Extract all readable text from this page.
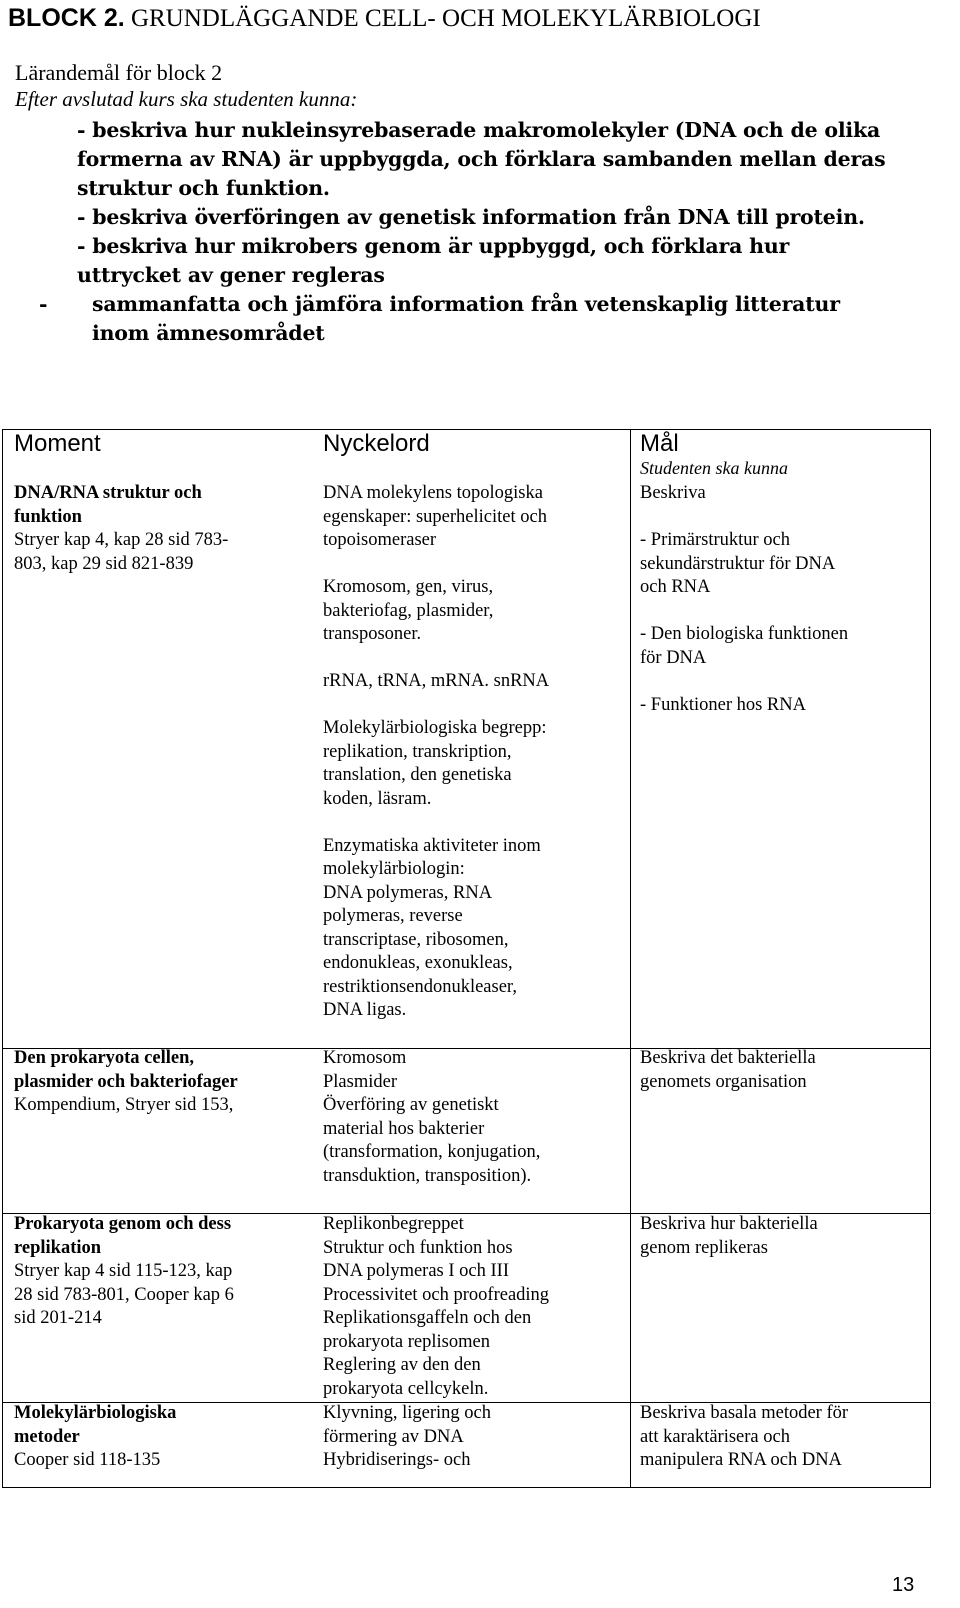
BLOCK 2. GRUNDLÄGGANDE CELL- OCH MOLEKYLÄRBIOLOGI
Lärandemål för block 2
Efter avslutad kurs ska studenten kunna:
- beskriva hur nukleinsyrebaserade makromolekyler (DNA och de olika
formerna av RNA) är uppbyggda, och förklara sambanden mellan deras
struktur och funktion.
- beskriva överföringen av genetisk information från DNA till protein.
- beskriva hur mikrobers genom är uppbyggd, och förklara hur
uttrycket av gener regleras
- sammanfatta och jämföra information från vetenskaplig litteratur
inom ämnesområdet
Moment	Nyckelord	Mål
Studenten ska kunna
DNA/RNA struktur och
funktion
Stryer kap 4, kap 28 sid 783-
803, kap 29 sid 821-839
DNA molekylens topologiska
egenskaper: superhelicitet och
topoisomeraser
Kromosom, gen, virus,
bakteriofag, plasmider,
transposoner.
rRNA, tRNA, mRNA. snRNA
Molekylärbiologiska begrepp:
replikation, transkription,
translation, den genetiska
koden, läsram.
Enzymatiska aktiviteter inom
molekylärbiologin:
DNA polymeras, RNA
polymeras, reverse
transcriptase, ribosomen,
endonukleas, exonukleas,
restriktionsendonukleaser,
DNA ligas.
Beskriva
- Primärstruktur och
sekundärstruktur för DNA
och RNA
- Den biologiska funktionen
för DNA
- Funktioner hos RNA
Den prokaryota cellen,
plasmider och bakteriofager
Kompendium, Stryer sid 153,
Kromosom
Plasmider
Överföring av genetiskt
material hos bakterier
(transformation, konjugation,
transduktion, transposition).
Beskriva det bakteriella
genomets organisation
Prokaryota genom och dess
replikation
Stryer kap 4 sid 115-123, kap
28 sid 783-801, Cooper kap 6
sid 201-214
Replikonbegreppet
Struktur och funktion hos
DNA polymeras I och III
Processivitet och proofreading
Replikationsgaffeln och den
prokaryota replisomen
Reglering av den den
prokaryota cellcykeln.
Beskriva hur bakteriella
genom replikeras
Molekylärbiologiska
metoder
Cooper sid 118-135
Klyvning, ligering och
förmering av DNA
Hybridiserings- och
Beskriva basala metoder för
att karaktärisera och
manipulera RNA och DNA
13
